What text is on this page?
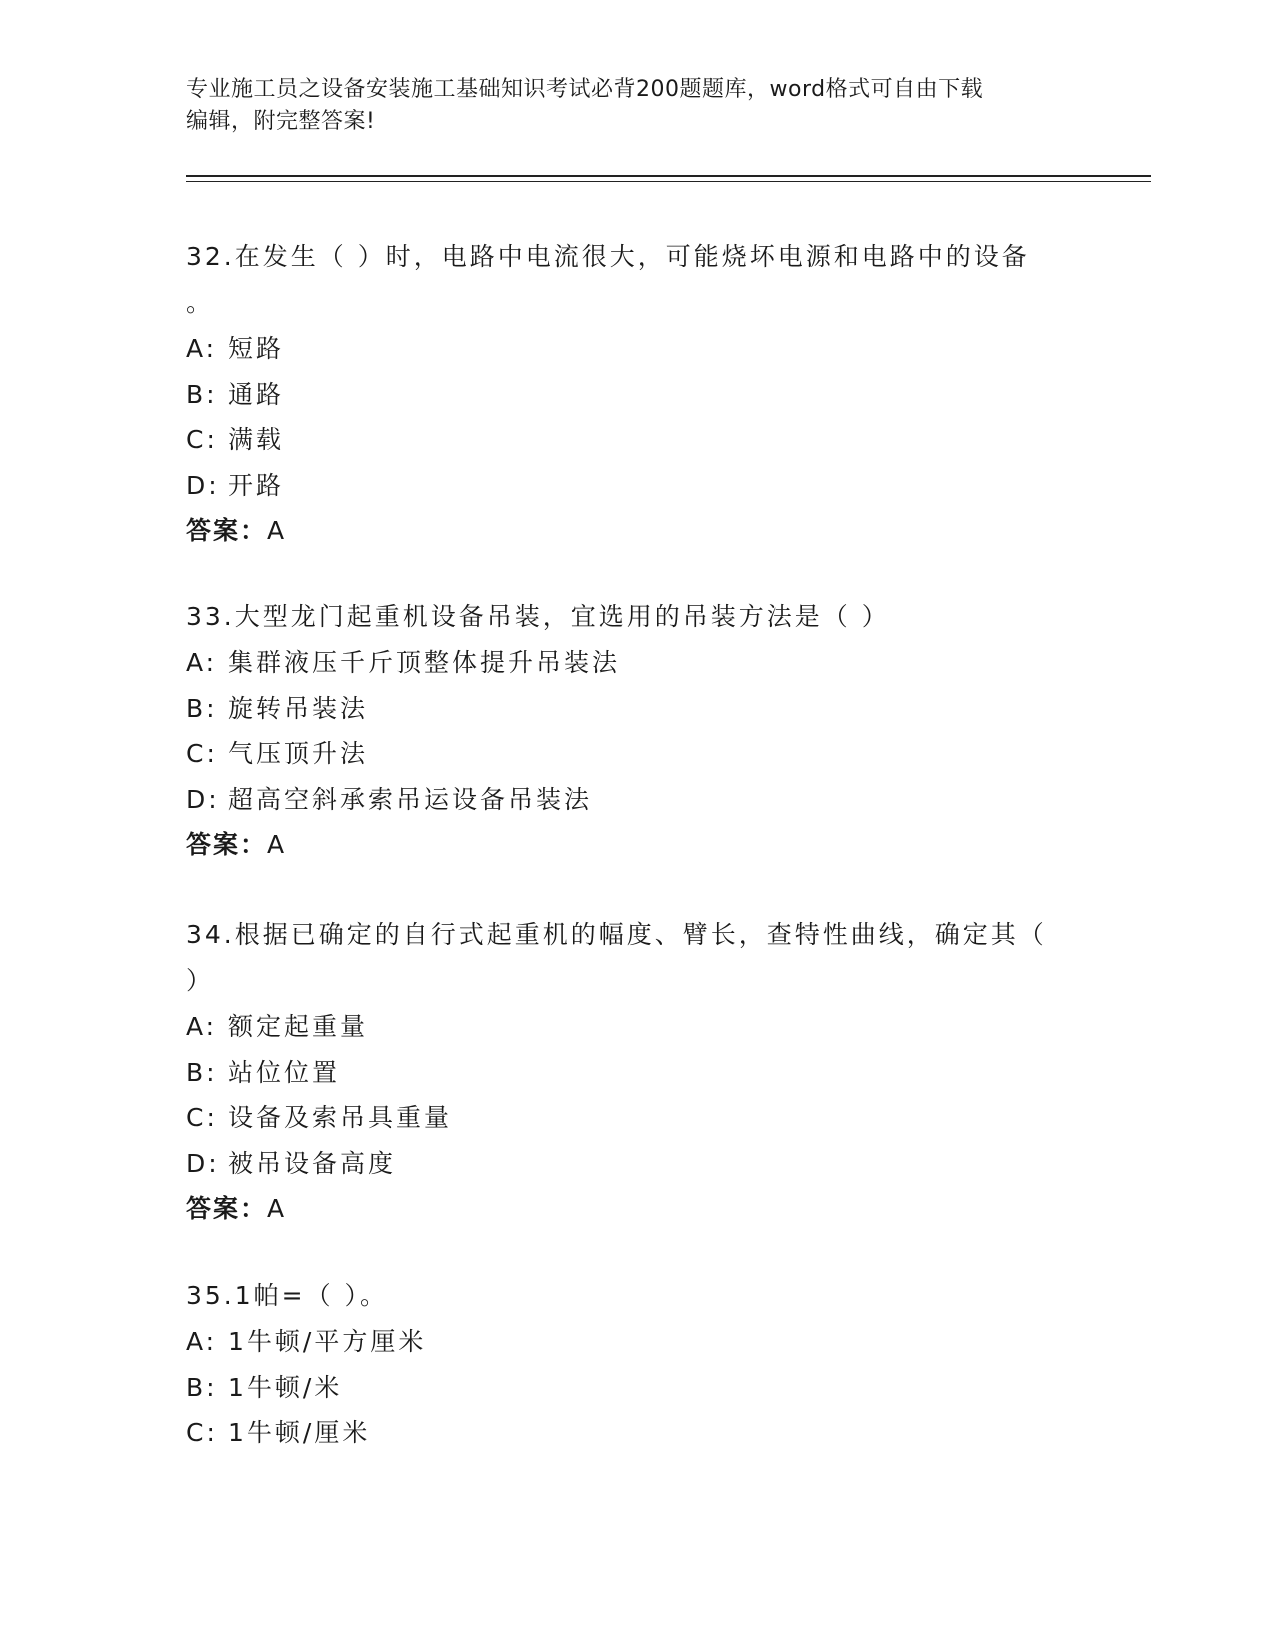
专业施工员之设备安装施工基础知识考试必背200题题库，word格式可自由下载
编辑，附完整答案!

32.在发生（ ）时，电路中电流很大，可能烧坏电源和电路中的设备

。

A: 短路

B: 通路

C: 满载

D: 开路

答案：A

33.大型龙门起重机设备吊装，宜选用的吊装方法是（ ）

A: 集群液压千斤顶整体提升吊装法

B: 旋转吊装法

C: 气压顶升法

D: 超高空斜承索吊运设备吊装法

答案：A

34.根据已确定的自行式起重机的幅度、臂长，查特性曲线，确定其（

）

A: 额定起重量

B: 站位位置

C: 设备及索吊具重量

D: 被吊设备高度

答案：A

35.1帕=（ ）。

A: 1牛顿/平方厘米

B: 1牛顿/米

C: 1牛顿/厘米
